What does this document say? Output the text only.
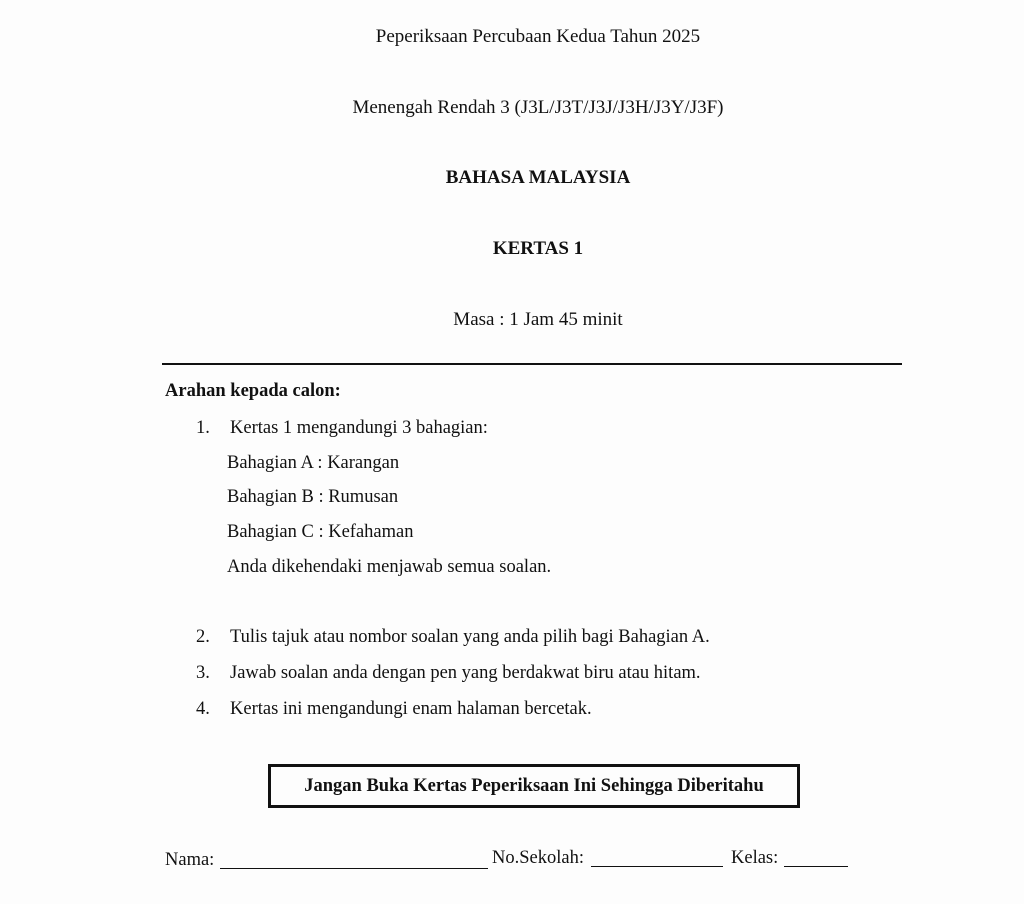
Peperiksaan Percubaan Kedua Tahun 2025
Menengah Rendah 3 (J3L/J3T/J3J/J3H/J3Y/J3F)
BAHASA MALAYSIA
KERTAS 1
Masa : 1 Jam 45 minit
Arahan kepada calon:
1. Kertas 1 mengandungi 3 bahagian:
Bahagian A : Karangan
Bahagian B : Rumusan
Bahagian C : Kefahaman
Anda dikehendaki menjawab semua soalan.
2. Tulis tajuk atau nombor soalan yang anda pilih bagi Bahagian A.
3. Jawab soalan anda dengan pen yang berdakwat biru atau hitam.
4. Kertas ini mengandungi enam halaman bercetak.
Jangan Buka Kertas Peperiksaan Ini Sehingga Diberitahu
Nama:	No.Sekolah:	Kelas:
